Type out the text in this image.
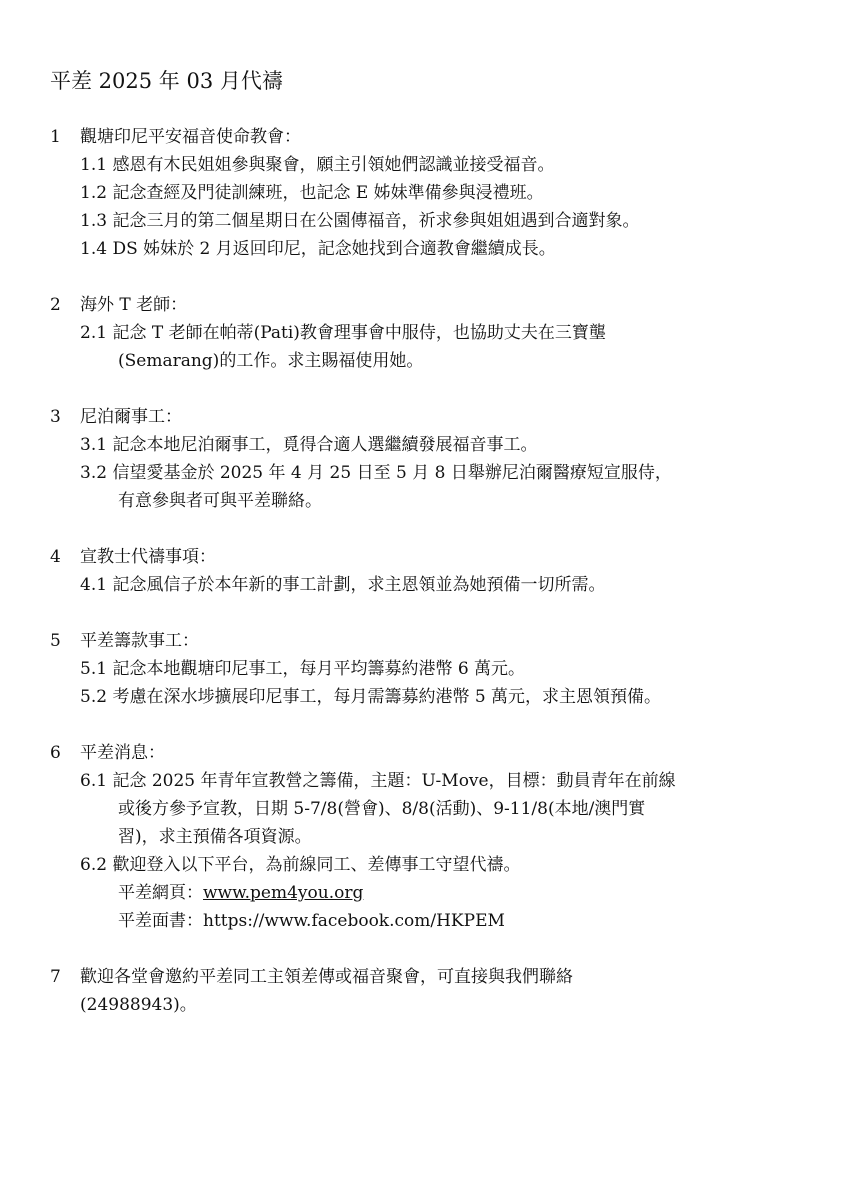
平差 2025 年 03 月代禱
1 觀塘印尼平安福音使命教會：
1.1 感恩有木民姐姐參與聚會，願主引領她們認識並接受福音。
1.2 記念查經及門徒訓練班，也記念 E 姊妹準備參與浸禮班。
1.3 記念三月的第二個星期日在公園傳福音，祈求參與姐姐遇到合適對象。
1.4 DS 姊妹於 2 月返回印尼，記念她找到合適教會繼續成長。
2 海外 T 老師：
2.1 記念 T 老師在帕蒂(Pati)教會理事會中服侍，也協助丈夫在三寶壟
(Semarang)的工作。求主賜福使用她。
3 尼泊爾事工：
3.1 記念本地尼泊爾事工，覓得合適人選繼續發展福音事工。
3.2 信望愛基金於 2025 年 4 月 25 日至 5 月 8 日舉辦尼泊爾醫療短宣服侍，
有意參與者可與平差聯絡。
4 宣教士代禱事項：
4.1 記念風信子於本年新的事工計劃，求主恩領並為她預備一切所需。
5 平差籌款事工：
5.1 記念本地觀塘印尼事工，每月平均籌募約港幣 6 萬元。
5.2 考慮在深水埗擴展印尼事工，每月需籌募約港幣 5 萬元，求主恩領預備。
6 平差消息：
6.1 記念 2025 年青年宣教營之籌備，主題：U-Move，目標：動員青年在前線
或後方參予宣教，日期 5-7/8(營會)、8/8(活動)、9-11/8(本地/澳門實
習)，求主預備各項資源。
6.2 歡迎登入以下平台，為前線同工、差傳事工守望代禱。
平差網頁：www.pem4you.org
平差面書：https://www.facebook.com/HKPEM
7 歡迎各堂會邀約平差同工主領差傳或福音聚會，可直接與我們聯絡
(24988943)。
